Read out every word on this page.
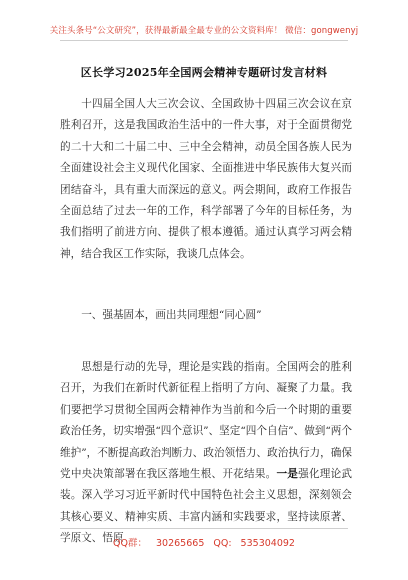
关注头条号“公文研究”，获得最新最全最专业的公文资料库！ 微信：gongwenyj
区长学习2025年全国两会精神专题研讨发言材料
十四届全国人大三次会议、全国政协十四届三次会议在京胜利召开，这是我国政治生活中的一件大事，对于全面贯彻党的二十大和二十届二中、三中全会精神，动员全国各族人民为全面建设社会主义现代化国家、全面推进中华民族伟大复兴而团结奋斗，具有重大而深远的意义。两会期间，政府工作报告全面总结了过去一年的工作，科学部署了今年的目标任务，为我们指明了前进方向、提供了根本遵循。通过认真学习两会精神，结合我区工作实际，我谈几点体会。
一、强基固本，画出共同理想“同心圆”
思想是行动的先导，理论是实践的指南。全国两会的胜利召开，为我们在新时代新征程上指明了方向、凝聚了力量。我们要把学习贯彻全国两会精神作为当前和今后一个时期的重要政治任务，切实增强“四个意识”、坚定“四个自信”、做到“两个维护”，不断提高政治判断力、政治领悟力、政治执行力，确保党中央决策部署在我区落地生根、开花结果。一是强化理论武装。深入学习习近平新时代中国特色社会主义思想，深刻领会其核心要义、精神实质、丰富内涵和实践要求，坚持读原著、学原文、悟原
QQ群： 30265665 QQ: 535304092
